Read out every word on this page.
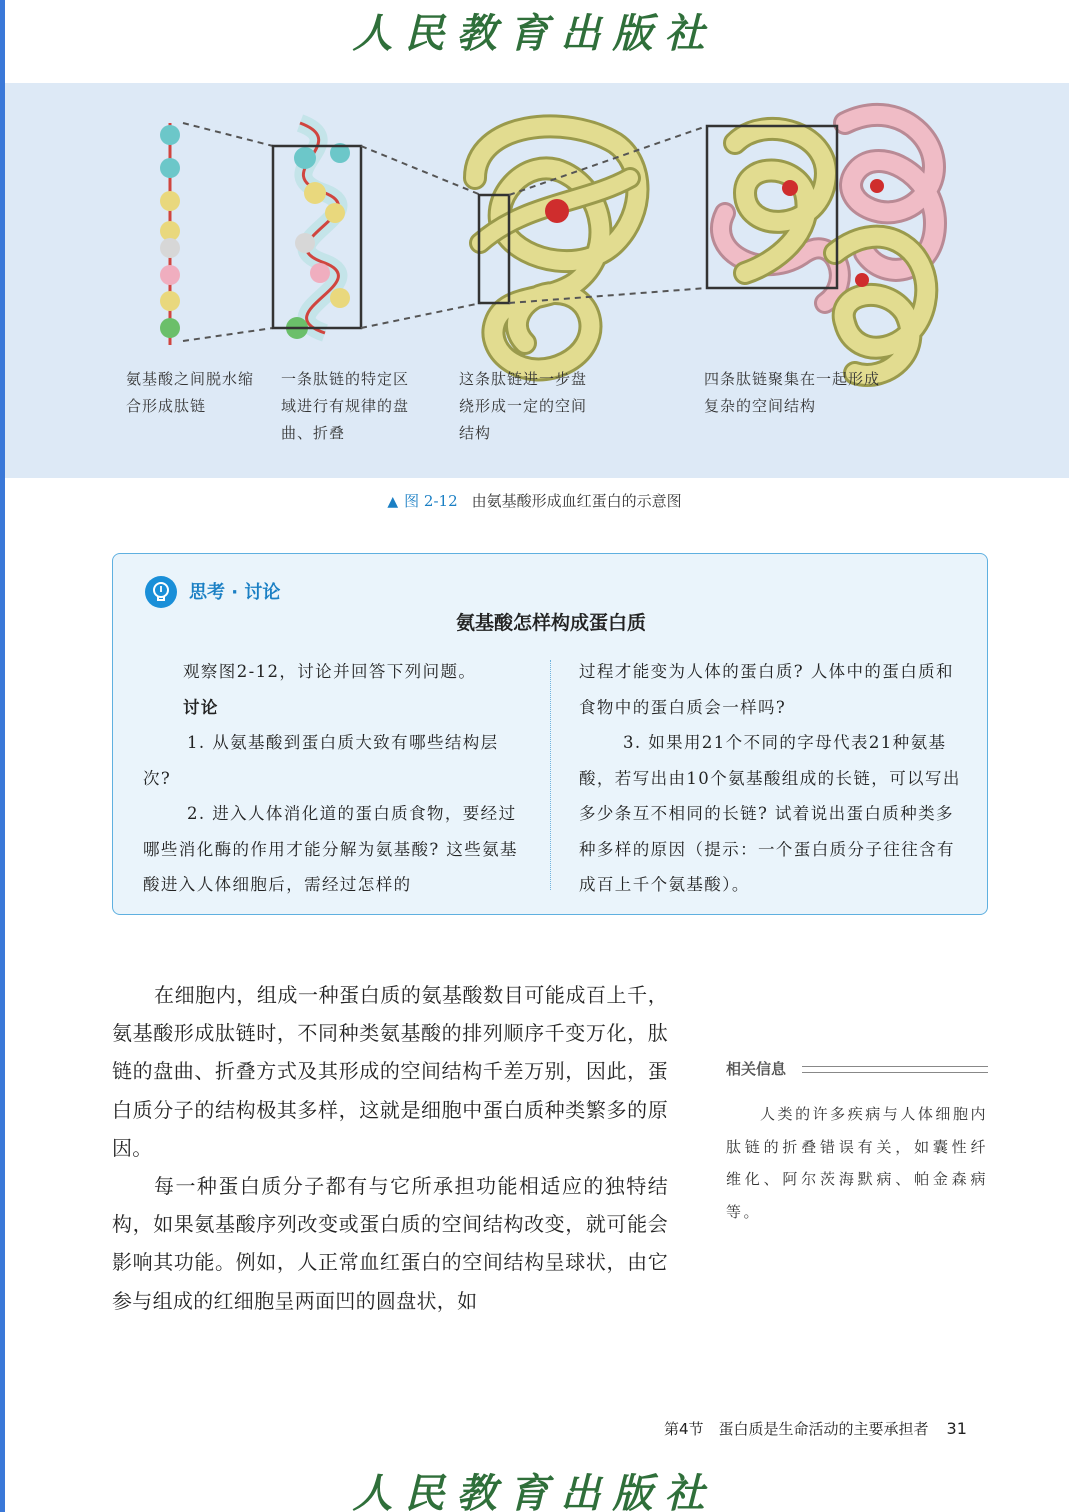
人民教育出版社
氨基酸之间脱水缩合形成肽链
一条肽链的特定区域进行有规律的盘曲、折叠
这条肽链进一步盘绕形成一定的空间结构
四条肽链聚集在一起形成复杂的空间结构
▲ 图 2-12 由氨基酸形成血红蛋白的示意图
思考 · 讨论
氨基酸怎样构成蛋白质
观察图2-12，讨论并回答下列问题。
讨论
1. 从氨基酸到蛋白质大致有哪些结构层次?
2. 进入人体消化道的蛋白质食物，要经过哪些消化酶的作用才能分解为氨基酸? 这些氨基酸进入人体细胞后，需经过怎样的
过程才能变为人体的蛋白质? 人体中的蛋白质和食物中的蛋白质会一样吗?
3. 如果用21个不同的字母代表21种氨基酸，若写出由10个氨基酸组成的长链，可以写出多少条互不相同的长链? 试着说出蛋白质种类多种多样的原因（提示：一个蛋白质分子往往含有成百上千个氨基酸）。

在细胞内，组成一种蛋白质的氨基酸数目可能成百上千，氨基酸形成肽链时，不同种类氨基酸的排列顺序千变万化，肽链的盘曲、折叠方式及其形成的空间结构千差万别，因此，蛋白质分子的结构极其多样，这就是细胞中蛋白质种类繁多的原因。

每一种蛋白质分子都有与它所承担功能相适应的独特结构，如果氨基酸序列改变或蛋白质的空间结构改变，就可能会影响其功能。例如，人正常血红蛋白的空间结构呈球状，由它参与组成的红细胞呈两面凹的圆盘状，如

相关信息
人类的许多疾病与人体细胞内肽链的折叠错误有关，如囊性纤维化、阿尔茨海默病、帕金森病等。
第4节　蛋白质是生命活动的主要承担者 31
人民教育出版社
